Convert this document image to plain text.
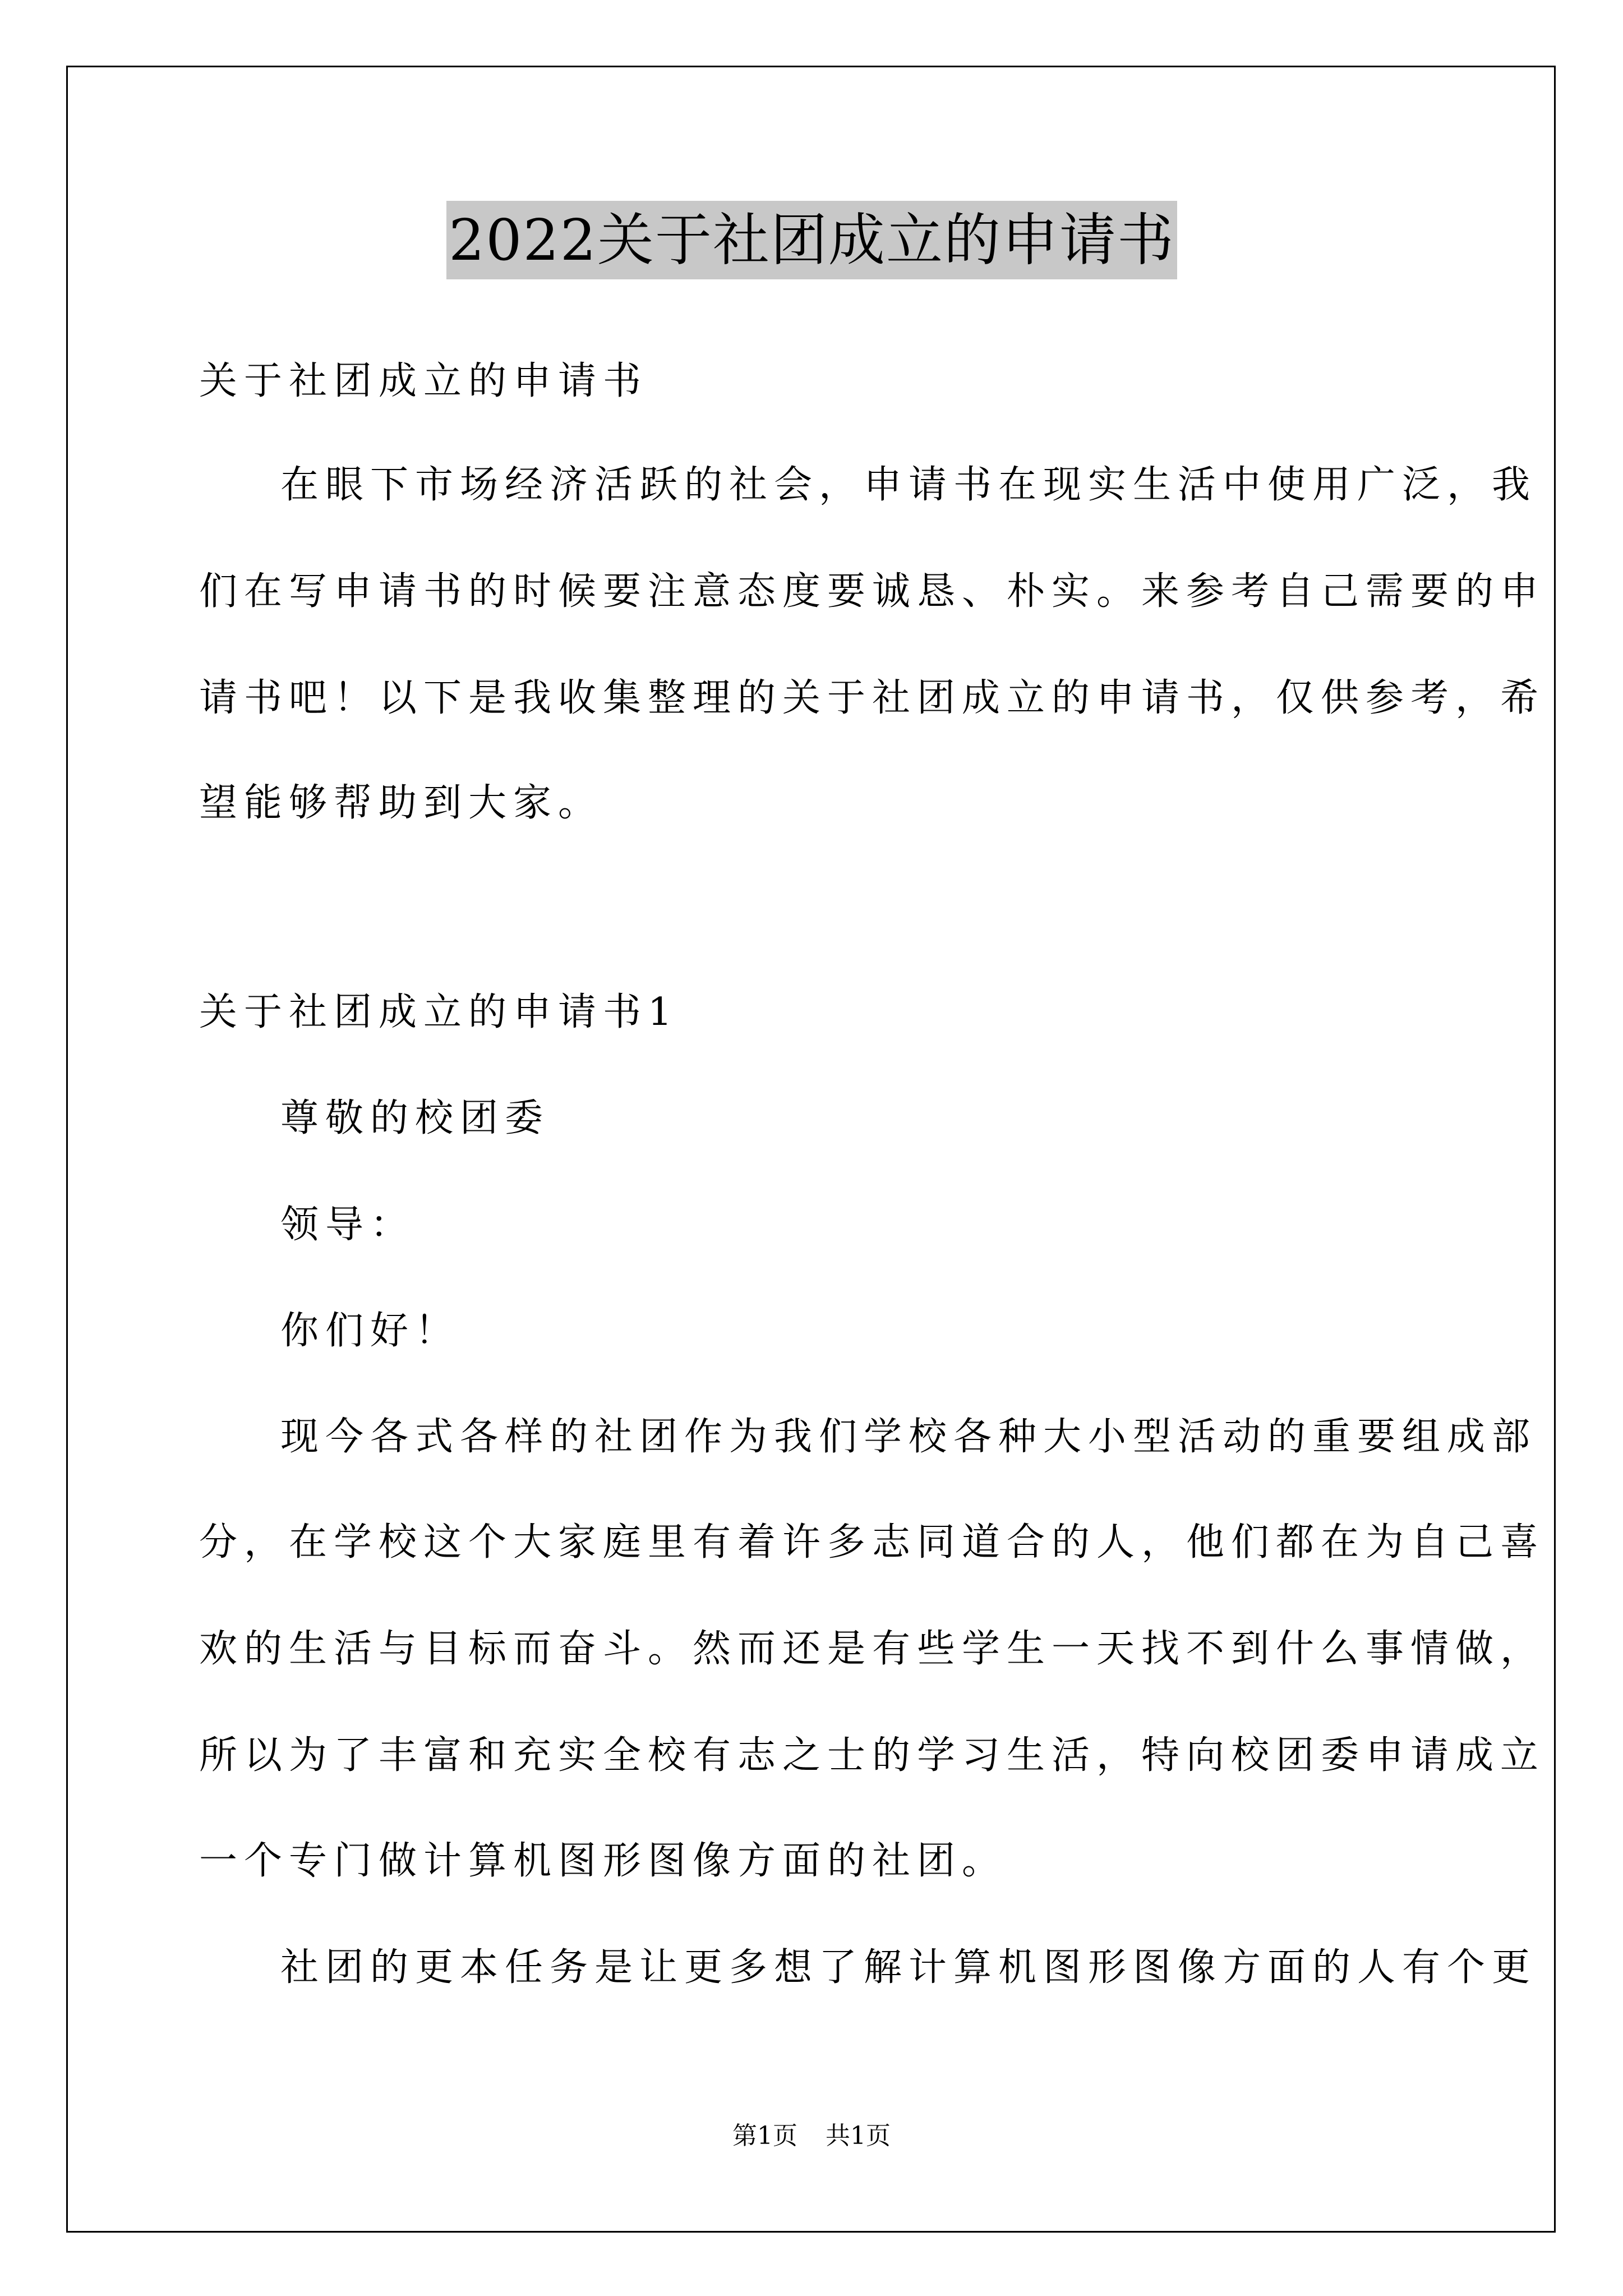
2022关于社团成立的申请书
关于社团成立的申请书
在眼下市场经济活跃的社会，申请书在现实生活中使用广泛，我
们在写申请书的时候要注意态度要诚恳、朴实。来参考自己需要的申
请书吧！以下是我收集整理的关于社团成立的申请书，仅供参考，希
望能够帮助到大家。
关于社团成立的申请书1
尊敬的校团委
领导：
你们好！
现今各式各样的社团作为我们学校各种大小型活动的重要组成部
分，在学校这个大家庭里有着许多志同道合的人，他们都在为自己喜
欢的生活与目标而奋斗。然而还是有些学生一天找不到什么事情做，
所以为了丰富和充实全校有志之士的学习生活，特向校团委申请成立
一个专门做计算机图形图像方面的社团。
社团的更本任务是让更多想了解计算机图形图像方面的人有个更
第1页 共1页
